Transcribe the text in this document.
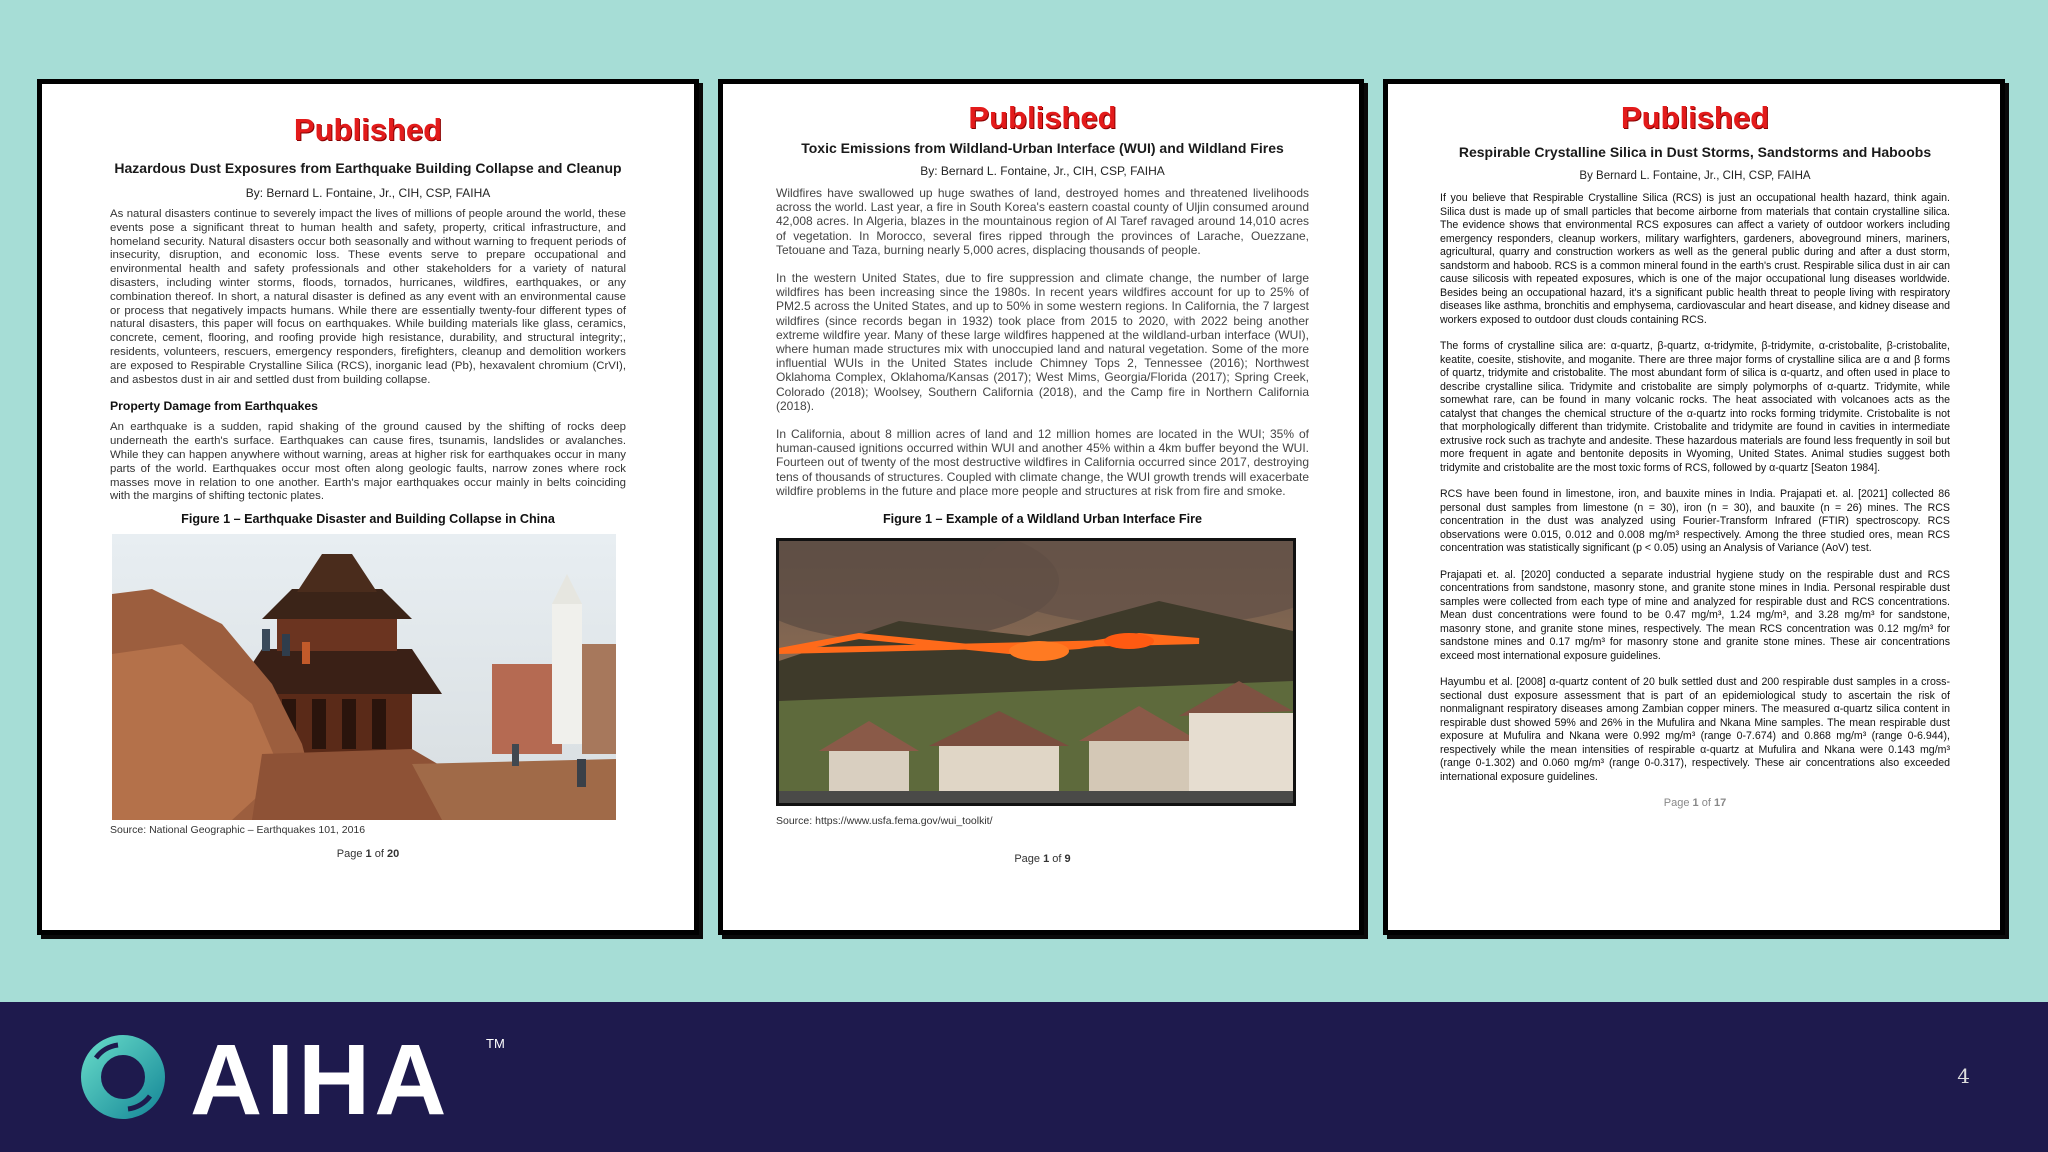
Published
Hazardous Dust Exposures from Earthquake Building Collapse and Cleanup
By: Bernard L. Fontaine, Jr., CIH, CSP, FAIHA

As natural disasters continue to severely impact the lives of millions of people around the world, these events pose a significant threat to human health and safety, property, critical infrastructure, and homeland security. Natural disasters occur both seasonally and without warning to frequent periods of insecurity, disruption, and economic loss. These events serve to prepare occupational and environmental health and safety professionals and other stakeholders for a variety of natural disasters, including winter storms, floods, tornados, hurricanes, wildfires, earthquakes, or any combination thereof. In short, a natural disaster is defined as any event with an environmental cause or process that negatively impacts humans. While there are essentially twenty-four different types of natural disasters, this paper will focus on earthquakes. While building materials like glass, ceramics, concrete, cement, flooring, and roofing provide high resistance, durability, and structural integrity;, residents, volunteers, rescuers, emergency responders, firefighters, cleanup and demolition workers are exposed to Respirable Crystalline Silica (RCS), inorganic lead (Pb), hexavalent chromium (CrVI), and asbestos dust in air and settled dust from building collapse.

Property Damage from Earthquakes

An earthquake is a sudden, rapid shaking of the ground caused by the shifting of rocks deep underneath the earth's surface. Earthquakes can cause fires, tsunamis, landslides or avalanches. While they can happen anywhere without warning, areas at higher risk for earthquakes occur in many parts of the world. Earthquakes occur most often along geologic faults, narrow zones where rock masses move in relation to one another. Earth's major earthquakes occur mainly in belts coinciding with the margins of shifting tectonic plates.

Figure 1 – Earthquake Disaster and Building Collapse in China
Source: National Geographic – Earthquakes 101, 2016
Page 1 of 20
Published
Toxic Emissions from Wildland-Urban Interface (WUI) and Wildland Fires
By: Bernard L. Fontaine, Jr., CIH, CSP, FAIHA

Wildfires have swallowed up huge swathes of land, destroyed homes and threatened livelihoods across the world. Last year, a fire in South Korea's eastern coastal county of Uljin consumed around 42,008 acres. In Algeria, blazes in the mountainous region of Al Taref ravaged around 14,010 acres of vegetation. In Morocco, several fires ripped through the provinces of Larache, Ouezzane, Tetouane and Taza, burning nearly 5,000 acres, displacing thousands of people.

In the western United States, due to fire suppression and climate change, the number of large wildfires has been increasing since the 1980s. In recent years wildfires account for up to 25% of PM2.5 across the United States, and up to 50% in some western regions. In California, the 7 largest wildfires (since records began in 1932) took place from 2015 to 2020, with 2022 being another extreme wildfire year. Many of these large wildfires happened at the wildland-urban interface (WUI), where human made structures mix with unoccupied land and natural vegetation. Some of the more influential WUIs in the United States include Chimney Tops 2, Tennessee (2016); Northwest Oklahoma Complex, Oklahoma/Kansas (2017); West Mims, Georgia/Florida (2017); Spring Creek, Colorado (2018); Woolsey, Southern California (2018), and the Camp fire in Northern California (2018).

In California, about 8 million acres of land and 12 million homes are located in the WUI; 35% of human-caused ignitions occurred within WUI and another 45% within a 4km buffer beyond the WUI. Fourteen out of twenty of the most destructive wildfires in California occurred since 2017, destroying tens of thousands of structures. Coupled with climate change, the WUI growth trends will exacerbate wildfire problems in the future and place more people and structures at risk from fire and smoke.

Figure 1 – Example of a Wildland Urban Interface Fire
Source: https://www.usfa.fema.gov/wui_toolkit/
Page 1 of 9
Published
Respirable Crystalline Silica in Dust Storms, Sandstorms and Haboobs
By Bernard L. Fontaine, Jr., CIH, CSP, FAIHA

If you believe that Respirable Crystalline Silica (RCS) is just an occupational health hazard, think again. Silica dust is made up of small particles that become airborne from materials that contain crystalline silica. The evidence shows that environmental RCS exposures can affect a variety of outdoor workers including emergency responders, cleanup workers, military warfighters, gardeners, aboveground miners, mariners, agricultural, quarry and construction workers as well as the general public during and after a dust storm, sandstorm and haboob. RCS is a common mineral found in the earth's crust. Respirable silica dust in air can cause silicosis with repeated exposures, which is one of the major occupational lung diseases worldwide. Besides being an occupational hazard, it's a significant public health threat to people living with respiratory diseases like asthma, bronchitis and emphysema, cardiovascular and heart disease, and kidney disease and workers exposed to outdoor dust clouds containing RCS.

The forms of crystalline silica are: α-quartz, β-quartz, α-tridymite, β-tridymite, α-cristobalite, β-cristobalite, keatite, coesite, stishovite, and moganite. There are three major forms of crystalline silica are α and β forms of quartz, tridymite and cristobalite. The most abundant form of silica is α-quartz, and often used in place to describe crystalline silica. Tridymite and cristobalite are simply polymorphs of α-quartz. Tridymite, while somewhat rare, can be found in many volcanic rocks. The heat associated with volcanoes acts as the catalyst that changes the chemical structure of the α-quartz into rocks forming tridymite. Cristobalite is not that morphologically different than tridymite. Cristobalite and tridymite are found in cavities in intermediate extrusive rock such as trachyte and andesite. These hazardous materials are found less frequently in soil but more frequent in agate and bentonite deposits in Wyoming, United States. Animal studies suggest both tridymite and cristobalite are the most toxic forms of RCS, followed by α-quartz [Seaton 1984].

RCS have been found in limestone, iron, and bauxite mines in India. Prajapati et. al. [2021] collected 86 personal dust samples from limestone (n = 30), iron (n = 30), and bauxite (n = 26) mines. The RCS concentration in the dust was analyzed using Fourier-Transform Infrared (FTIR) spectroscopy. RCS observations were 0.015, 0.012 and 0.008 mg/m³ respectively. Among the three studied ores, mean RCS concentration was statistically significant (p < 0.05) using an Analysis of Variance (AoV) test.

Prajapati et. al. [2020] conducted a separate industrial hygiene study on the respirable dust and RCS concentrations from sandstone, masonry stone, and granite stone mines in India. Personal respirable dust samples were collected from each type of mine and analyzed for respirable dust and RCS concentrations. Mean dust concentrations were found to be 0.47 mg/m³, 1.24 mg/m³, and 3.28 mg/m³ for sandstone, masonry stone, and granite stone mines, respectively. The mean RCS concentration was 0.12 mg/m³ for sandstone mines and 0.17 mg/m³ for masonry stone and granite stone mines. These air concentrations exceed most international exposure guidelines.

Hayumbu et al. [2008] α-quartz content of 20 bulk settled dust and 200 respirable dust samples in a cross-sectional dust exposure assessment that is part of an epidemiological study to ascertain the risk of nonmalignant respiratory diseases among Zambian copper miners. The measured α-quartz silica content in respirable dust showed 59% and 26% in the Mufulira and Nkana Mine samples. The mean respirable dust exposure at Mufulira and Nkana were 0.992 mg/m³ (range 0-7.674) and 0.868 mg/m³ (range 0-6.944), respectively while the mean intensities of respirable α-quartz at Mufulira and Nkana were 0.143 mg/m³ (range 0-1.302) and 0.060 mg/m³ (range 0-0.317), respectively. These air concentrations also exceeded international exposure guidelines.

Page 1 of 17
AIHA	TM
4
